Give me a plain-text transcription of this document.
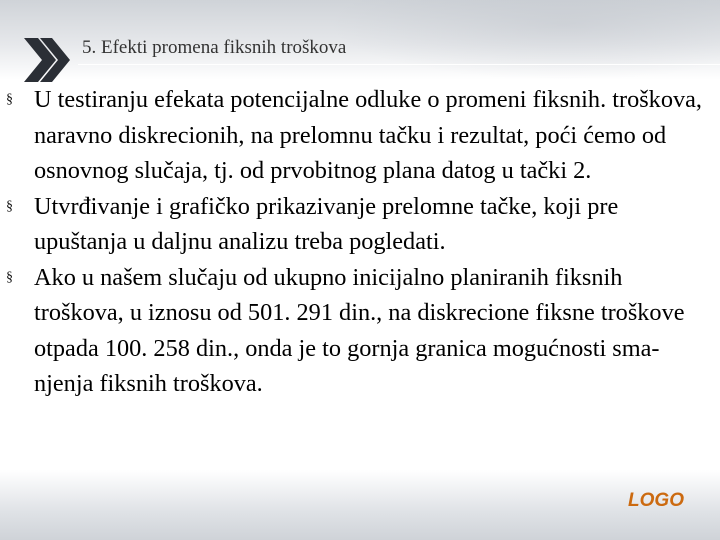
5. Efekti promena fiksnih troškova
§ U testiranju efekata potencijalne odluke o promeni fiksnih. troškova, naravno diskrecionih, na prelomnu tačku i rezultat, poći ćemo od osnovnog slučaja, tj. od prvobitnog plana datog u tački 2.
§ Utvrđivanje i grafičko prikazivanje prelomne tačke, koji pre upuštanja u daljnu analizu treba pogledati.
§ Ako u našem slučaju od ukupno inicijalno planiranih fiksnih troškova, u iznosu od 501. 291 din., na diskrecione fiksne troškove otpada 100. 258 din., onda je to gornja granica mogućnosti sma-njenja fiksnih troškova.
LOGO
